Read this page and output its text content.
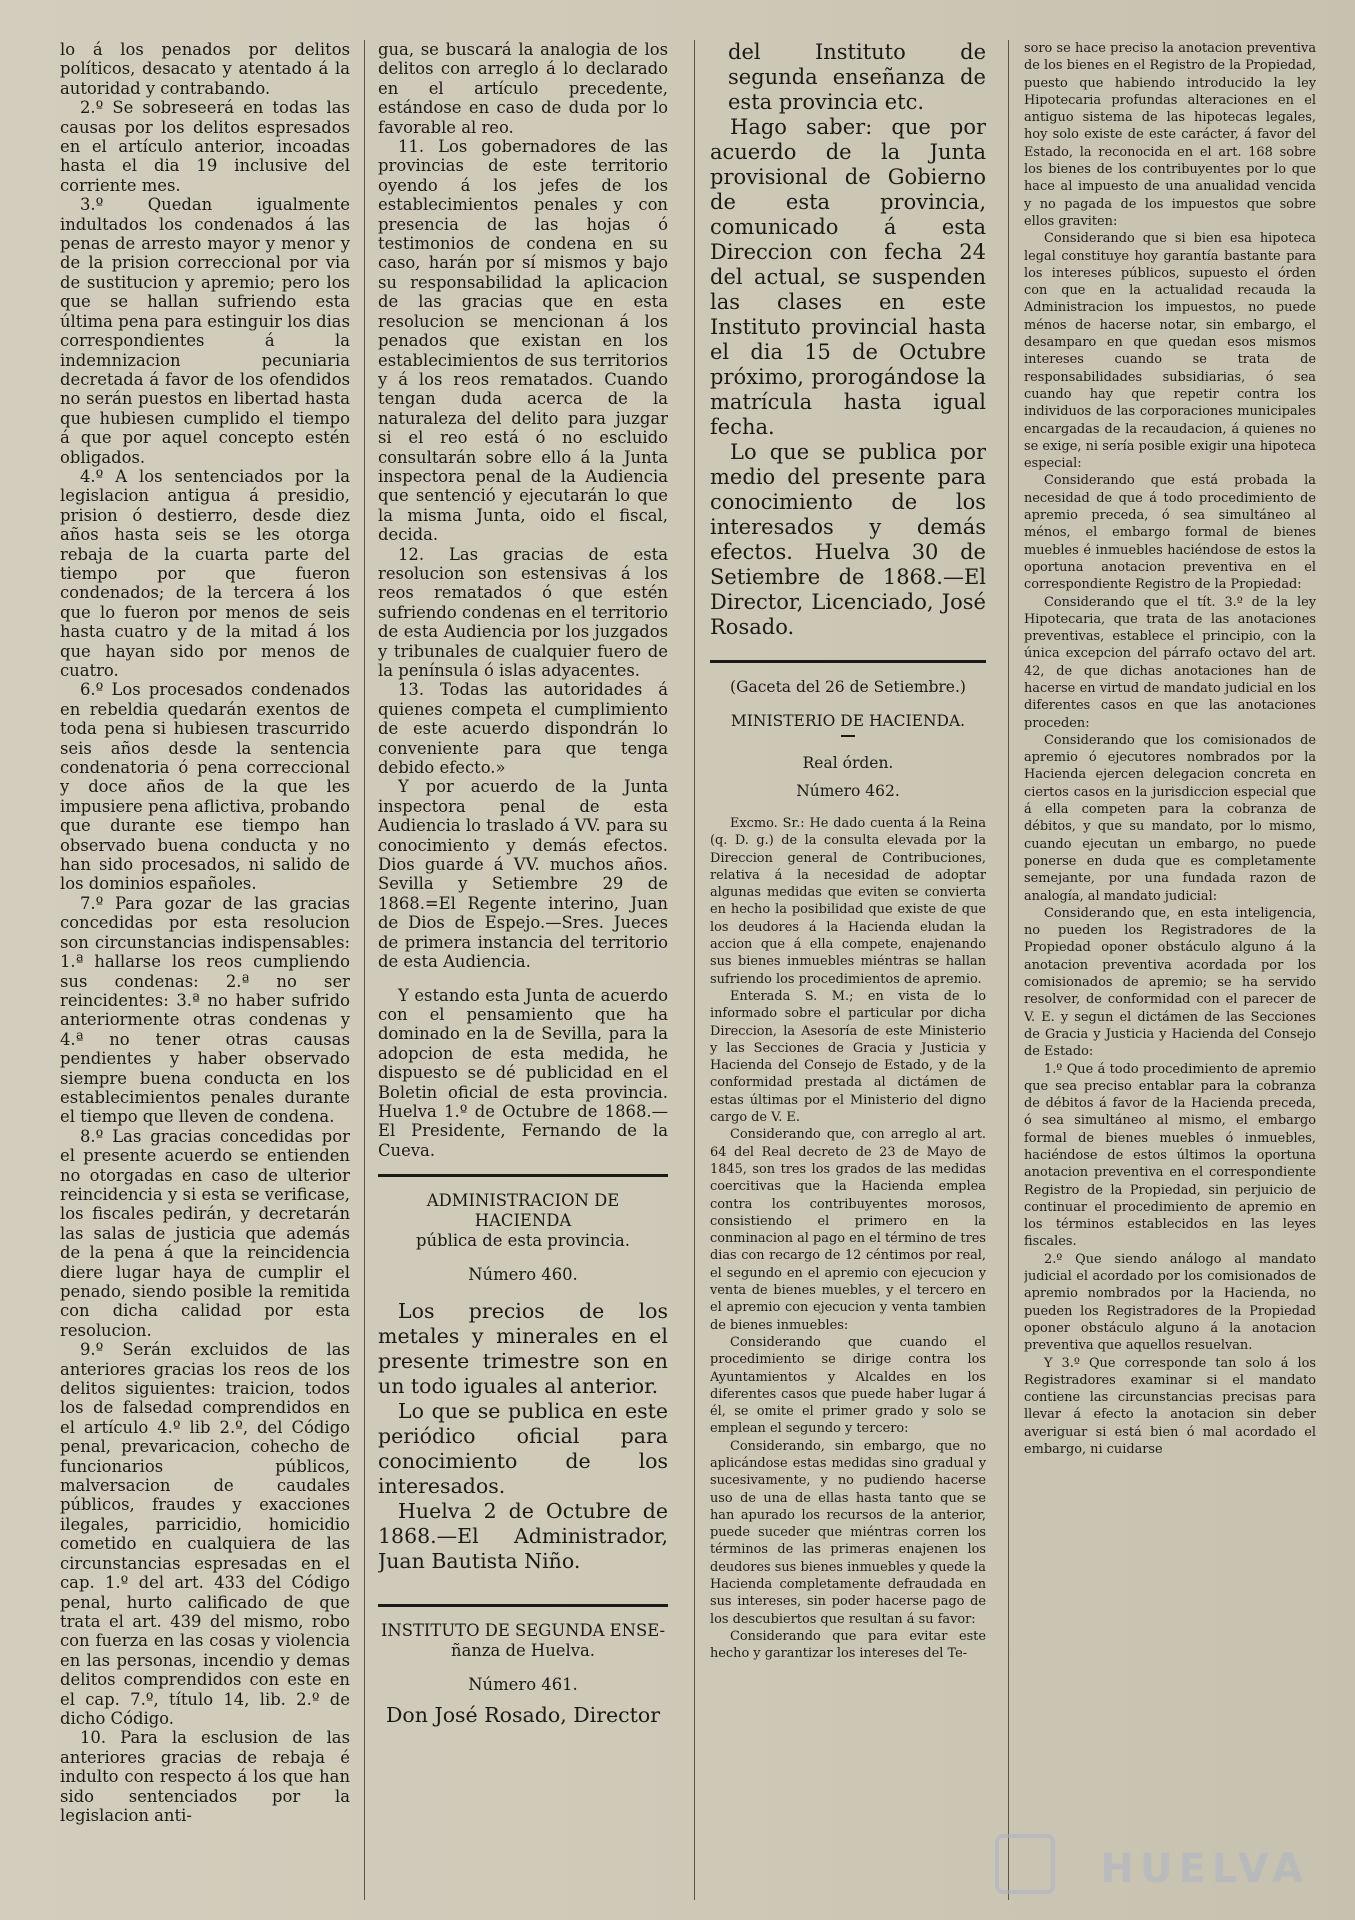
lo á los penados por delitos políticos, desacato y atentado á la autoridad y contrabando.

2.º Se sobreseerá en todas las causas por los delitos espresados en el artículo anterior, incoadas hasta el dia 19 inclusive del corriente mes.

3.º Quedan igualmente indultados los condenados á las penas de arresto mayor y menor y de la prision correccional por via de sustitucion y apremio; pero los que se hallan sufriendo esta última pena para estinguir los dias correspondientes á la indemnizacion pecuniaria decretada á favor de los ofendidos no serán puestos en libertad hasta que hubiesen cumplido el tiempo á que por aquel concepto estén obligados.

4.º A los sentenciados por la legislacion antigua á presidio, prision ó destierro, desde diez años hasta seis se les otorga rebaja de la cuarta parte del tiempo por que fueron condenados; de la tercera á los que lo fueron por menos de seis hasta cuatro y de la mitad á los que hayan sido por menos de cuatro.

6.º Los procesados condenados en rebeldia quedarán exentos de toda pena si hubiesen trascurrido seis años desde la sentencia condenatoria ó pena correccional y doce años de la que les impusiere pena aflictiva, probando que durante ese tiempo han observado buena conducta y no han sido procesados, ni salido de los dominios españoles.

7.º Para gozar de las gracias concedidas por esta resolucion son circunstancias indispensables: 1.ª hallarse los reos cumpliendo sus condenas: 2.ª no ser reincidentes: 3.ª no haber sufrido anteriormente otras condenas y 4.ª no tener otras causas pendientes y haber observado siempre buena conducta en los establecimientos penales durante el tiempo que lleven de condena.

8.º Las gracias concedidas por el presente acuerdo se entienden no otorgadas en caso de ulterior reincidencia y si esta se verificase, los fiscales pedirán, y decretarán las salas de justicia que además de la pena á que la reincidencia diere lugar haya de cumplir el penado, siendo posible la remitida con dicha calidad por esta resolucion.

9.º Serán excluidos de las anteriores gracias los reos de los delitos siguientes: traicion, todos los de falsedad comprendidos en el artículo 4.º lib 2.º, del Código penal, prevaricacion, cohecho de funcionarios públicos, malversacion de caudales públicos, fraudes y exacciones ilegales, parricidio, homicidio cometido en cualquiera de las circunstancias espresadas en el cap. 1.º del art. 433 del Código penal, hurto calificado de que trata el art. 439 del mismo, robo con fuerza en las cosas y violencia en las personas, incendio y demas delitos comprendidos con este en el cap. 7.º, título 14, lib. 2.º de dicho Código.

10. Para la esclusion de las anteriores gracias de rebaja é indulto con respecto á los que han sido sentenciados por la legislacion anti-

gua, se buscará la analogia de los delitos con arreglo á lo declarado en el artículo precedente, estándose en caso de duda por lo favorable al reo.

11. Los gobernadores de las provincias de este territorio oyendo á los jefes de los establecimientos penales y con presencia de las hojas ó testimonios de condena en su caso, harán por sí mismos y bajo su responsabilidad la aplicacion de las gracias que en esta resolucion se mencionan á los penados que existan en los establecimientos de sus territorios y á los reos rematados. Cuando tengan duda acerca de la naturaleza del delito para juzgar si el reo está ó no escluido consultarán sobre ello á la Junta inspectora penal de la Audiencia que sentenció y ejecutarán lo que la misma Junta, oido el fiscal, decida.

12. Las gracias de esta resolucion son estensivas á los reos rematados ó que estén sufriendo condenas en el territorio de esta Audiencia por los juzgados y tribunales de cualquier fuero de la península ó islas adyacentes.

13. Todas las autoridades á quienes competa el cumplimiento de este acuerdo dispondrán lo conveniente para que tenga debido efecto.»

Y por acuerdo de la Junta inspectora penal de esta Audiencia lo traslado á VV. para su conocimiento y demás efectos. Dios guarde á VV. muchos años. Sevilla y Setiembre 29 de 1868.=El Regente interino, Juan de Dios de Espejo.—Sres. Jueces de primera instancia del territorio de esta Audiencia.

Y estando esta Junta de acuerdo con el pensamiento que ha dominado en la de Sevilla, para la adopcion de esta medida, he dispuesto se dé publicidad en el Boletin oficial de esta provincia. Huelva 1.º de Octubre de 1868.—El Presidente, Fernando de la Cueva.

ADMINISTRACION DE HACIENDA
pública de esta provincia.
Número 460.

Los precios de los metales y minerales en el presente trimestre son en un todo iguales al anterior.

Lo que se publica en este periódico oficial para conocimiento de los interesados.

Huelva 2 de Octubre de 1868.—El Administrador, Juan Bautista Niño.

INSTITUTO DE SEGUNDA ENSE-
ñanza de Huelva.
Número 461.

Don José Rosado, Director

del Instituto de segunda enseñanza de esta provincia etc.

Hago saber: que por acuerdo de la Junta provisional de Gobierno de esta provincia, comunicado á esta Direccion con fecha 24 del actual, se suspenden las clases en este Instituto provincial hasta el dia 15 de Octubre próximo, prorogándose la matrícula hasta igual fecha.

Lo que se publica por medio del presente para conocimiento de los interesados y demás efectos. Huelva 30 de Setiembre de 1868.—El Director, Licenciado, José Rosado.

(Gaceta del 26 de Setiembre.)
MINISTERIO DE HACIENDA.
Real órden.
Número 462.

Excmo. Sr.: He dado cuenta á la Reina (q. D. g.) de la consulta elevada por la Direccion general de Contribuciones, relativa á la necesidad de adoptar algunas medidas que eviten se convierta en hecho la posibilidad que existe de que los deudores á la Hacienda eludan la accion que á ella compete, enajenando sus bienes inmuebles miéntras se hallan sufriendo los procedimientos de apremio.

Enterada S. M.; en vista de lo informado sobre el particular por dicha Direccion, la Asesoría de este Ministerio y las Secciones de Gracia y Justicia y Hacienda del Consejo de Estado, y de la conformidad prestada al dictámen de estas últimas por el Ministerio del digno cargo de V. E.

Considerando que, con arreglo al art. 64 del Real decreto de 23 de Mayo de 1845, son tres los grados de las medidas coercitivas que la Hacienda emplea contra los contribuyentes morosos, consistiendo el primero en la conminacion al pago en el término de tres dias con recargo de 12 céntimos por real, el segundo en el apremio con ejecucion y venta de bienes muebles, y el tercero en el apremio con ejecucion y venta tambien de bienes inmuebles:

Considerando que cuando el procedimiento se dirige contra los Ayuntamientos y Alcaldes en los diferentes casos que puede haber lugar á él, se omite el primer grado y solo se emplean el segundo y tercero:

Considerando, sin embargo, que no aplicándose estas medidas sino gradual y sucesivamente, y no pudiendo hacerse uso de una de ellas hasta tanto que se han apurado los recursos de la anterior, puede suceder que miéntras corren los términos de las primeras enajenen los deudores sus bienes inmuebles y quede la Hacienda completamente defraudada en sus intereses, sin poder hacerse pago de los descubiertos que resultan á su favor:

Considerando que para evitar este hecho y garantizar los intereses del Te-

soro se hace preciso la anotacion preventiva de los bienes en el Registro de la Propiedad, puesto que habiendo introducido la ley Hipotecaria profundas alteraciones en el antiguo sistema de las hipotecas legales, hoy solo existe de este carácter, á favor del Estado, la reconocida en el art. 168 sobre los bienes de los contribuyentes por lo que hace al impuesto de una anualidad vencida y no pagada de los impuestos que sobre ellos graviten:

Considerando que si bien esa hipoteca legal constituye hoy garantía bastante para los intereses públicos, supuesto el órden con que en la actualidad recauda la Administracion los impuestos, no puede ménos de hacerse notar, sin embargo, el desamparo en que quedan esos mismos intereses cuando se trata de responsabilidades subsidiarias, ó sea cuando hay que repetir contra los individuos de las corporaciones municipales encargadas de la recaudacion, á quienes no se exige, ni sería posible exigir una hipoteca especial:

Considerando que está probada la necesidad de que á todo procedimiento de apremio preceda, ó sea simultáneo al ménos, el embargo formal de bienes muebles é inmuebles haciéndose de estos la oportuna anotacion preventiva en el correspondiente Registro de la Propiedad:

Considerando que el tít. 3.º de la ley Hipotecaria, que trata de las anotaciones preventivas, establece el principio, con la única excepcion del párrafo octavo del art. 42, de que dichas anotaciones han de hacerse en virtud de mandato judicial en los diferentes casos en que las anotaciones proceden:

Considerando que los comisionados de apremio ó ejecutores nombrados por la Hacienda ejercen delegacion concreta en ciertos casos en la jurisdiccion especial que á ella competen para la cobranza de débitos, y que su mandato, por lo mismo, cuando ejecutan un embargo, no puede ponerse en duda que es completamente semejante, por una fundada razon de analogía, al mandato judicial:

Considerando que, en esta inteligencia, no pueden los Registradores de la Propiedad oponer obstáculo alguno á la anotacion preventiva acordada por los comisionados de apremio; se ha servido resolver, de conformidad con el parecer de V. E. y segun el dictámen de las Secciones de Gracia y Justicia y Hacienda del Consejo de Estado:

1.º Que á todo procedimiento de apremio que sea preciso entablar para la cobranza de débitos á favor de la Hacienda preceda, ó sea simultáneo al mismo, el embargo formal de bienes muebles ó inmuebles, haciéndose de estos últimos la oportuna anotacion preventiva en el correspondiente Registro de la Propiedad, sin perjuicio de continuar el procedimiento de apremio en los términos establecidos en las leyes fiscales.

2.º Que siendo análogo al mandato judicial el acordado por los comisionados de apremio nombrados por la Hacienda, no pueden los Registradores de la Propiedad oponer obstáculo alguno á la anotacion preventiva que aquellos resuelvan.

Y 3.º Que corresponde tan solo á los Registradores examinar si el mandato contiene las circunstancias precisas para llevar á efecto la anotacion sin deber averiguar si está bien ó mal acordado el embargo, ni cuidarse

HUELVA
